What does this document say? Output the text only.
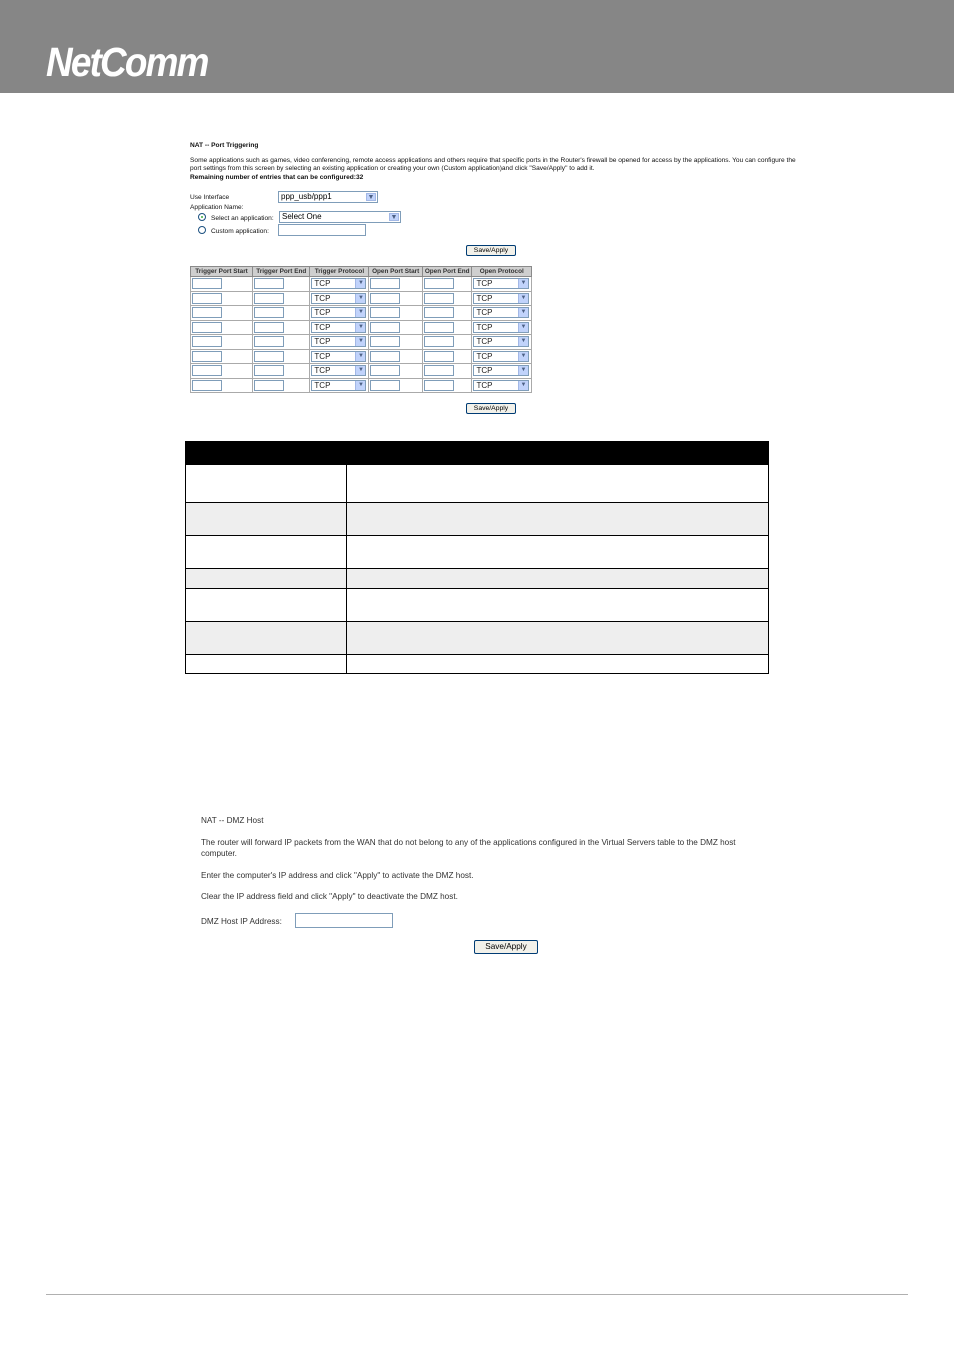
NetComm
NAT -- Port Triggering
Some applications such as games, video conferencing, remote access applications and others require that specific ports in the Router's firewall be opened for access by the applications. You can configure the port settings from this screen by selecting an existing application or creating your own (Custom application)and click "Save/Apply" to add it.
Remaining number of entries that can be configured:32
Use Interface	ppp_usb/ppp1	▼
Application Name:
Select an application:	Select One	▼
Custom application:
Save/Apply
Trigger Port Start	Trigger Port End	Trigger Protocol	Open Port Start	Open Port End	Open Protocol

		TCP ▼			TCP ▼

		TCP ▼			TCP ▼

		TCP ▼			TCP ▼

		TCP ▼			TCP ▼

		TCP ▼			TCP ▼

		TCP ▼			TCP ▼

		TCP ▼			TCP ▼

		TCP ▼			TCP ▼
Save/Apply

NAT -- DMZ Host
The router will forward IP packets from the WAN that do not belong to any of the applications configured in the Virtual Servers table to the DMZ host
computer.
Enter the computer's IP address and click "Apply" to activate the DMZ host.
Clear the IP address field and click "Apply" to deactivate the DMZ host.
DMZ Host IP Address:
Save/Apply
